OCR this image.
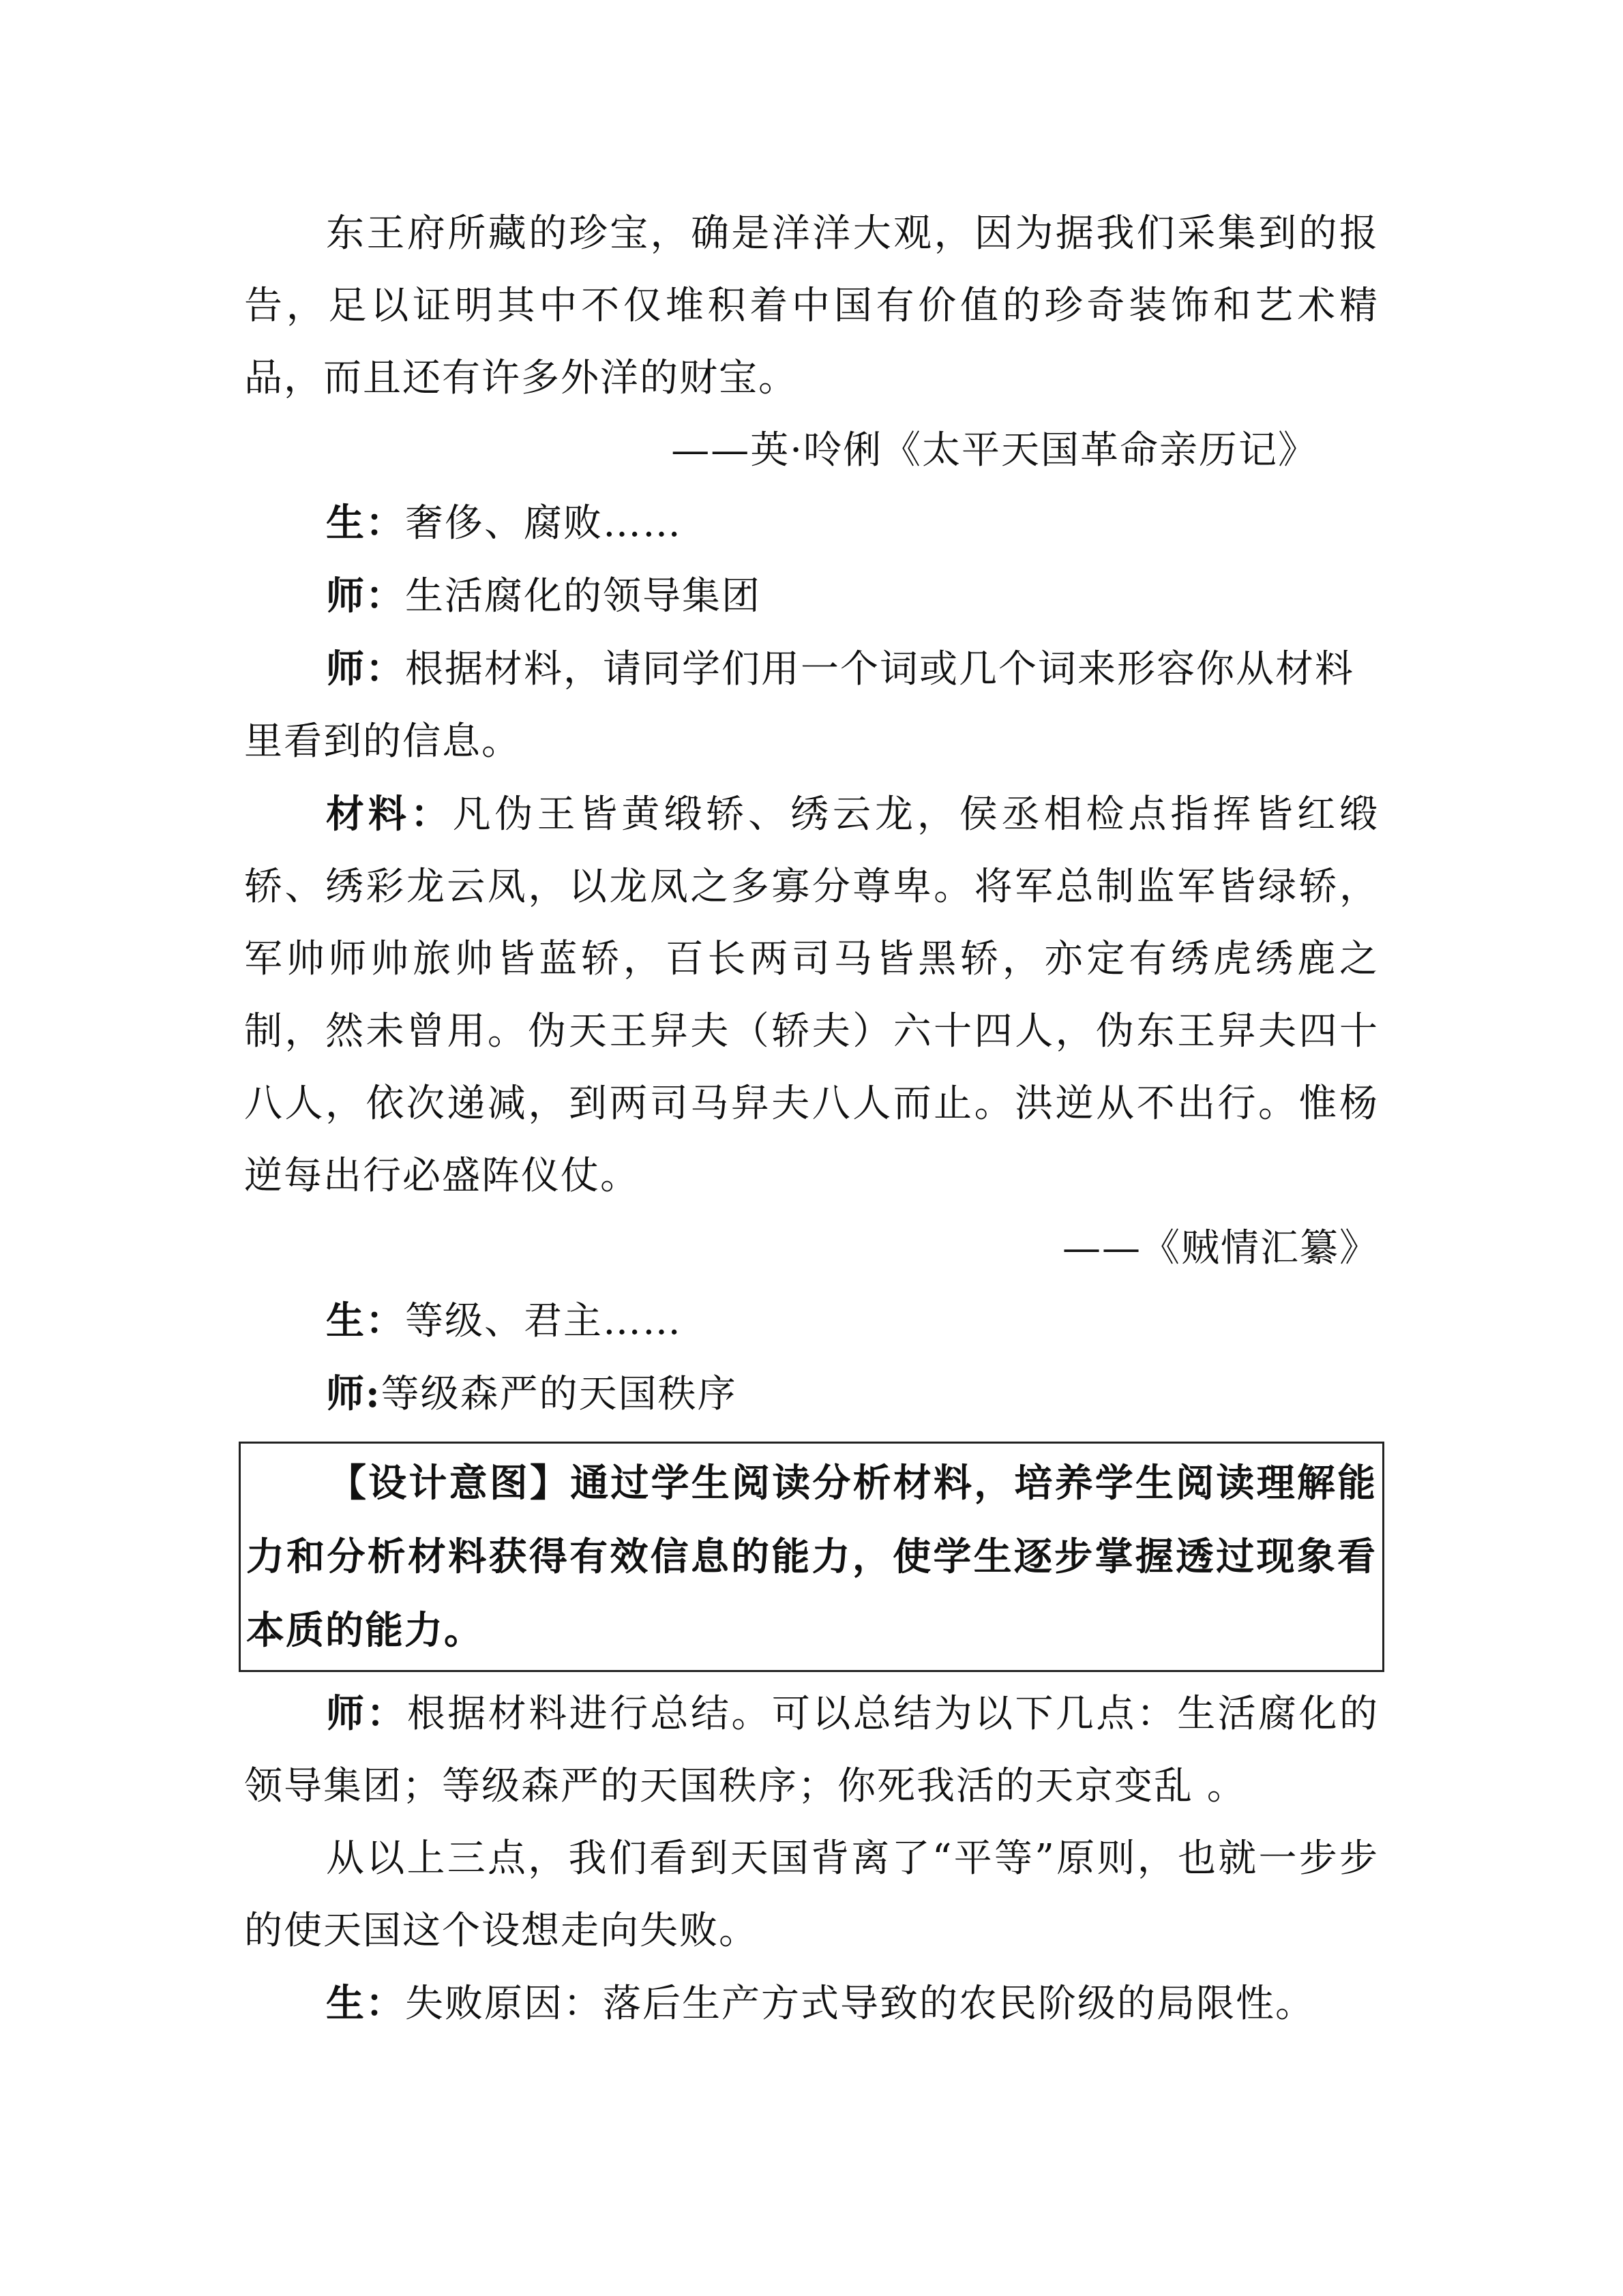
东王府所藏的珍宝，确是洋洋大观，因为据我们采集到的报告，足以证明其中不仅堆积着中国有价值的珍奇装饰和艺术精品，而且还有许多外洋的财宝。

——英·呤俐《太平天国革命亲历记》

生：奢侈、腐败……

师：生活腐化的领导集团

师：根据材料，请同学们用一个词或几个词来形容你从材料里看到的信息。

材料：凡伪王皆黄缎轿、绣云龙，侯丞相检点指挥皆红缎轿、绣彩龙云凤，以龙凤之多寡分尊卑。将军总制监军皆绿轿，军帅师帅旅帅皆蓝轿，百长两司马皆黑轿，亦定有绣虎绣鹿之制，然未曾用。伪天王舁夫（轿夫）六十四人，伪东王舁夫四十八人，依次递减，到两司马舁夫八人而止。洪逆从不出行。惟杨逆每出行必盛阵仪仗。

——《贼情汇纂》

生：等级、君主……

师:等级森严的天国秩序

【设计意图】通过学生阅读分析材料，培养学生阅读理解能力和分析材料获得有效信息的能力，使学生逐步掌握透过现象看本质的能力。

师：根据材料进行总结。可以总结为以下几点：生活腐化的领导集团；等级森严的天国秩序；你死我活的天京变乱 。

从以上三点，我们看到天国背离了“平等”原则，也就一步步的使天国这个设想走向失败。

生：失败原因：落后生产方式导致的农民阶级的局限性。
